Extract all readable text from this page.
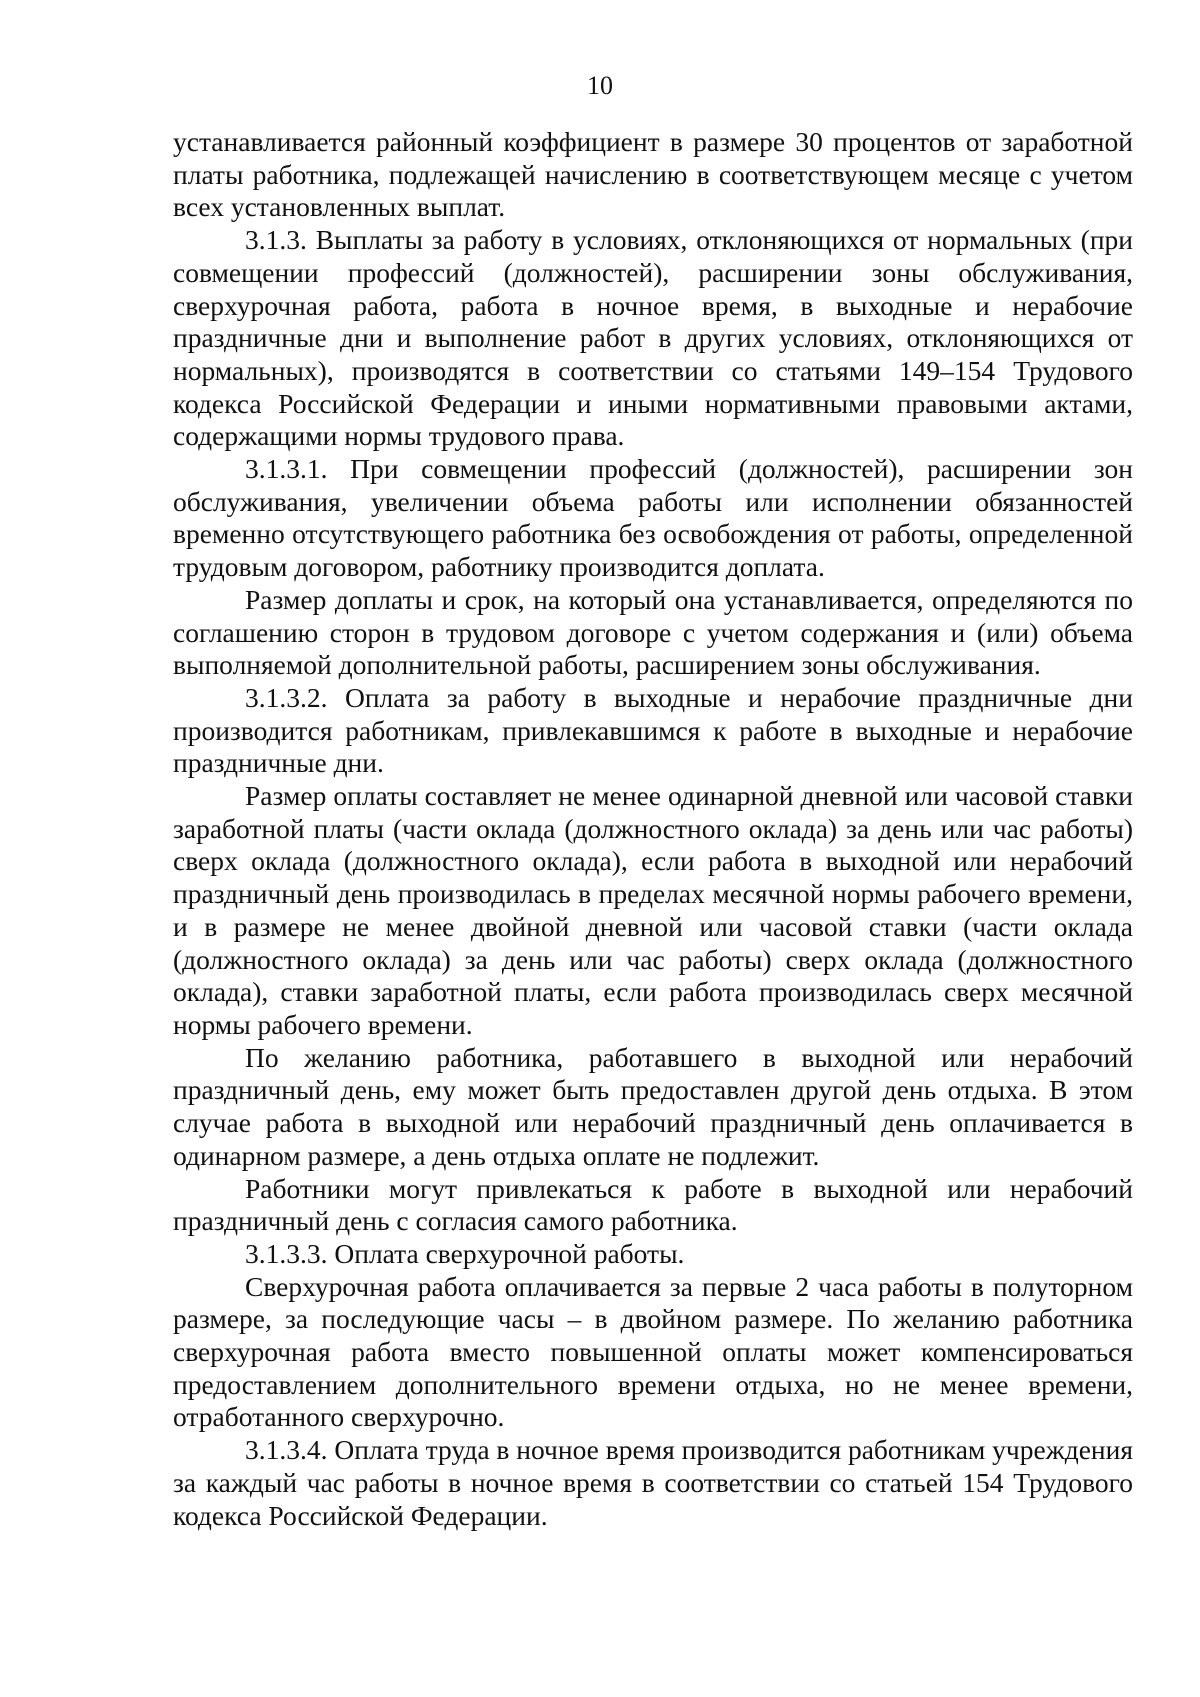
10

устанавливается районный коэффициент в размере 30 процентов от заработной платы работника, подлежащей начислению в соответствующем месяце с учетом всех установленных выплат.

3.1.3. Выплаты за работу в условиях, отклоняющихся от нормальных (при совмещении профессий (должностей), расширении зоны обслуживания, сверхурочная работа, работа в ночное время, в выходные и нерабочие праздничные дни и выполнение работ в других условиях, отклоняющихся от нормальных), производятся в соответствии со статьями 149–154 Трудового кодекса Российской Федерации и иными нормативными правовыми актами, содержащими нормы трудового права.

3.1.3.1. При совмещении профессий (должностей), расширении зон обслуживания, увеличении объема работы или исполнении обязанностей временно отсутствующего работника без освобождения от работы, определенной трудовым договором, работнику производится доплата.

Размер доплаты и срок, на который она устанавливается, определяются по соглашению сторон в трудовом договоре с учетом содержания и (или) объема выполняемой дополнительной работы, расширением зоны обслуживания.

3.1.3.2. Оплата за работу в выходные и нерабочие праздничные дни производится работникам, привлекавшимся к работе в выходные и нерабочие праздничные дни.

Размер оплаты составляет не менее одинарной дневной или часовой ставки заработной платы (части оклада (должностного оклада) за день или час работы) сверх оклада (должностного оклада), если работа в выходной или нерабочий праздничный день производилась в пределах месячной нормы рабочего времени, и в размере не менее двойной дневной или часовой ставки (части оклада (должностного оклада) за день или час работы) сверх оклада (должностного оклада), ставки заработной платы, если работа производилась сверх месячной нормы рабочего времени.

По желанию работника, работавшего в выходной или нерабочий праздничный день, ему может быть предоставлен другой день отдыха. В этом случае работа в выходной или нерабочий праздничный день оплачивается в одинарном размере, а день отдыха оплате не подлежит.

Работники могут привлекаться к работе в выходной или нерабочий праздничный день с согласия самого работника.

3.1.3.3. Оплата сверхурочной работы.

Сверхурочная работа оплачивается за первые 2 часа работы в полуторном размере, за последующие часы – в двойном размере. По желанию работника сверхурочная работа вместо повышенной оплаты может компенсироваться предоставлением дополнительного времени отдыха, но не менее времени, отработанного сверхурочно.

3.1.3.4. Оплата труда в ночное время производится работникам учреждения за каждый час работы в ночное время в соответствии со статьей 154 Трудового кодекса Российской Федерации.
